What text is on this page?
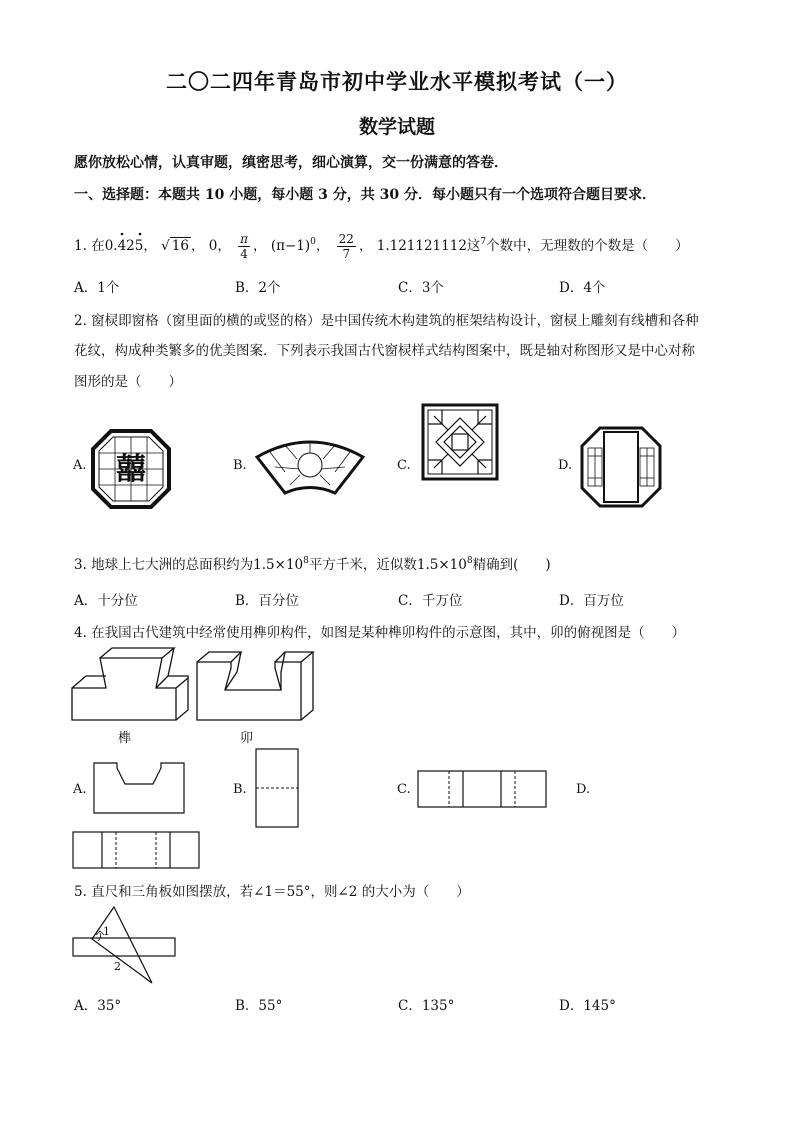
二〇二四年青岛市初中学业水平模拟考试（一）
数学试题
愿你放松心情，认真审题，缜密思考，细心演算，交一份满意的答卷．
一、选择题：本题共 10 小题，每小题 3 分，共 30 分．每小题只有一个选项符合题目要求．
1. 在0.425， √ 16 ， 0， $\frac{\pi}{4}$ ， $(\pi-1)^0$， $\frac{22}{7}$ ， 1.121121112这$^7$个数中，无理数的个数是（　　）
A．1个	B．2个	C．3个	D．4个
2. 窗棂即窗格（窗里面的横的或竖的格）是中国传统木构建筑的框架结构设计，窗棂上雕刻有线槽和各种
花纹，构成种类繁多的优美图案．下列表示我国古代窗棂样式结构图案中，既是轴对称图形又是中心对称
图形的是（　　）
A.	B.	C.	D.
囍
3. 地球上七大洲的总面积约为$1.5\times 10^8$平方千米，近似数$1.5\times 10^8$精确到(　　)
A．十分位	B．百分位	C．千万位	D．百万位
4. 在我国古代建筑中经常使用榫卯构件，如图是某种榫卯构件的示意图，其中，卯的俯视图是（　　）
榫	卯
A.	B.	C.	D.
5. 直尺和三角板如图摆放，若∠1＝55°，则∠2 的大小为（　　）
1
2
A．35°	B．55°	C．135°	D．145°
